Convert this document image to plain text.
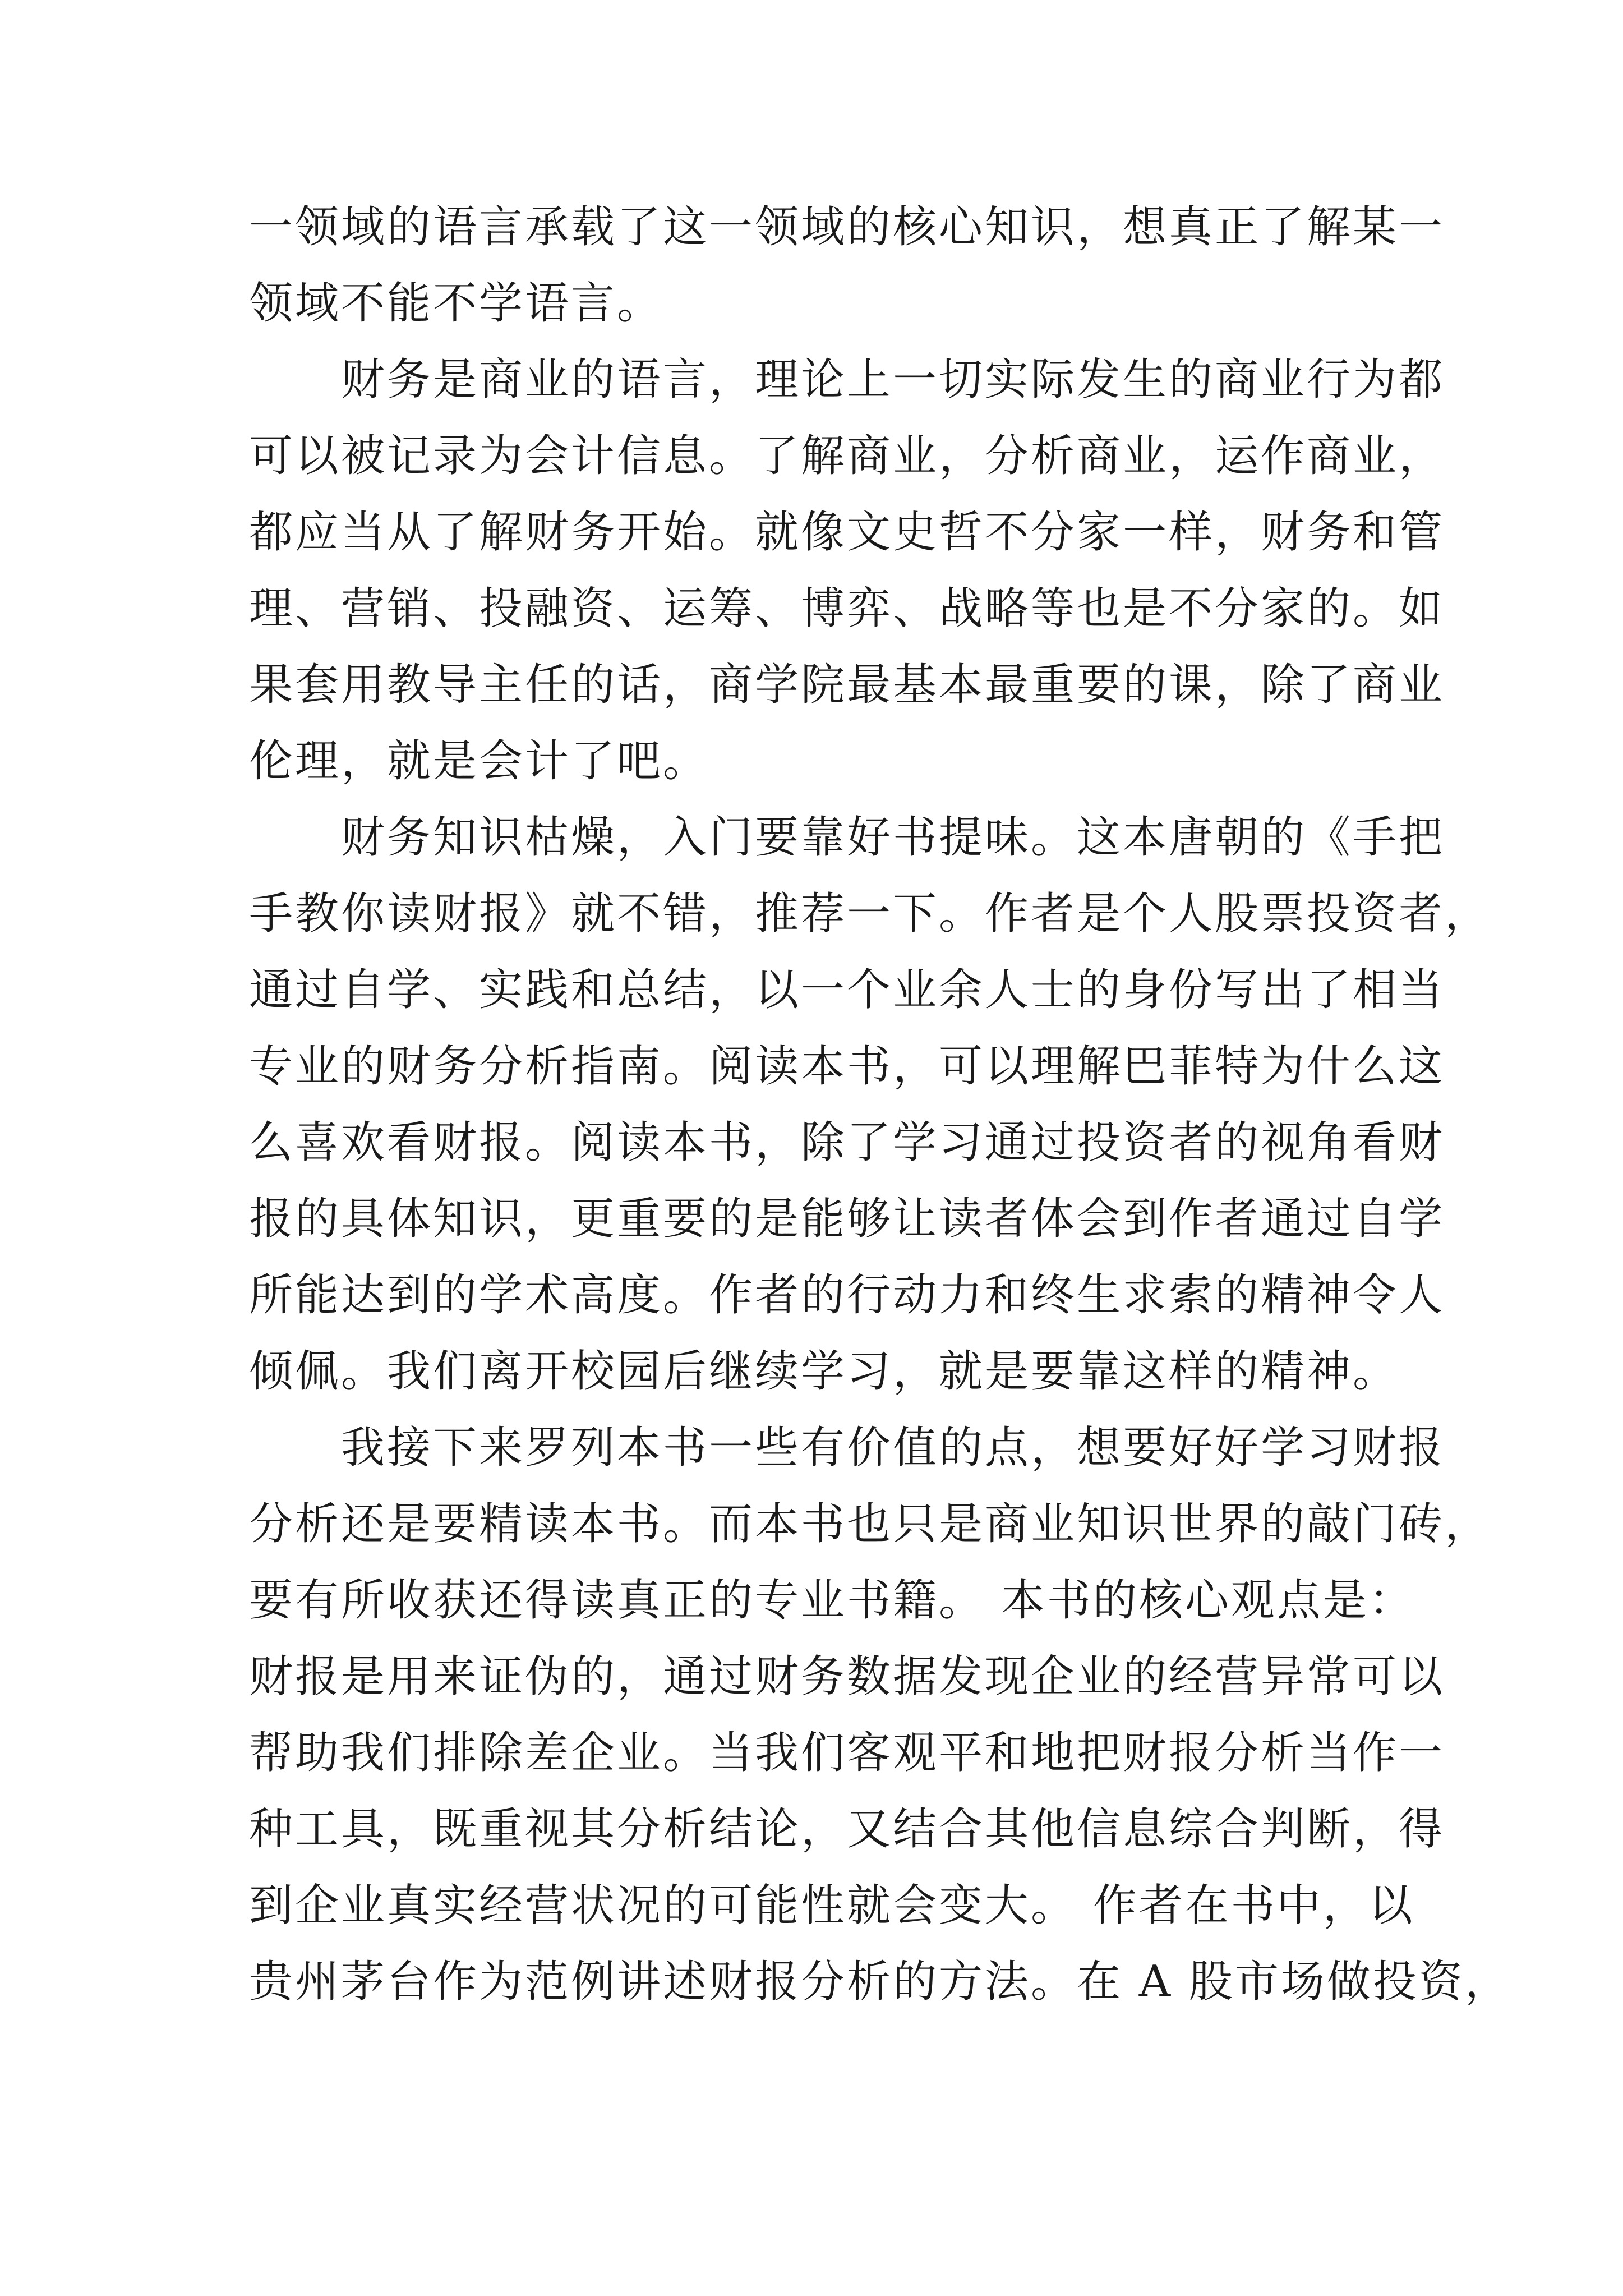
一领域的语言承载了这一领域的核心知识，想真正了解某一
领域不能不学语言。
　　财务是商业的语言，理论上一切实际发生的商业行为都
可以被记录为会计信息。了解商业，分析商业，运作商业，
都应当从了解财务开始。就像文史哲不分家一样，财务和管
理、营销、投融资、运筹、博弈、战略等也是不分家的。如
果套用教导主任的话，商学院最基本最重要的课，除了商业
伦理，就是会计了吧。
　　财务知识枯燥，入门要靠好书提味。这本唐朝的《手把
手教你读财报》就不错，推荐一下。作者是个人股票投资者，
通过自学、实践和总结，以一个业余人士的身份写出了相当
专业的财务分析指南。阅读本书，可以理解巴菲特为什么这
么喜欢看财报。阅读本书，除了学习通过投资者的视角看财
报的具体知识，更重要的是能够让读者体会到作者通过自学
所能达到的学术高度。作者的行动力和终生求索的精神令人
倾佩。我们离开校园后继续学习，就是要靠这样的精神。
　　我接下来罗列本书一些有价值的点，想要好好学习财报
分析还是要精读本书。而本书也只是商业知识世界的敲门砖，
要有所收获还得读真正的专业书籍。 本书的核心观点是：
财报是用来证伪的，通过财务数据发现企业的经营异常可以
帮助我们排除差企业。当我们客观平和地把财报分析当作一
种工具，既重视其分析结论，又结合其他信息综合判断，得
到企业真实经营状况的可能性就会变大。 作者在书中，以
贵州茅台作为范例讲述财报分析的方法。在 A 股市场做投资，
